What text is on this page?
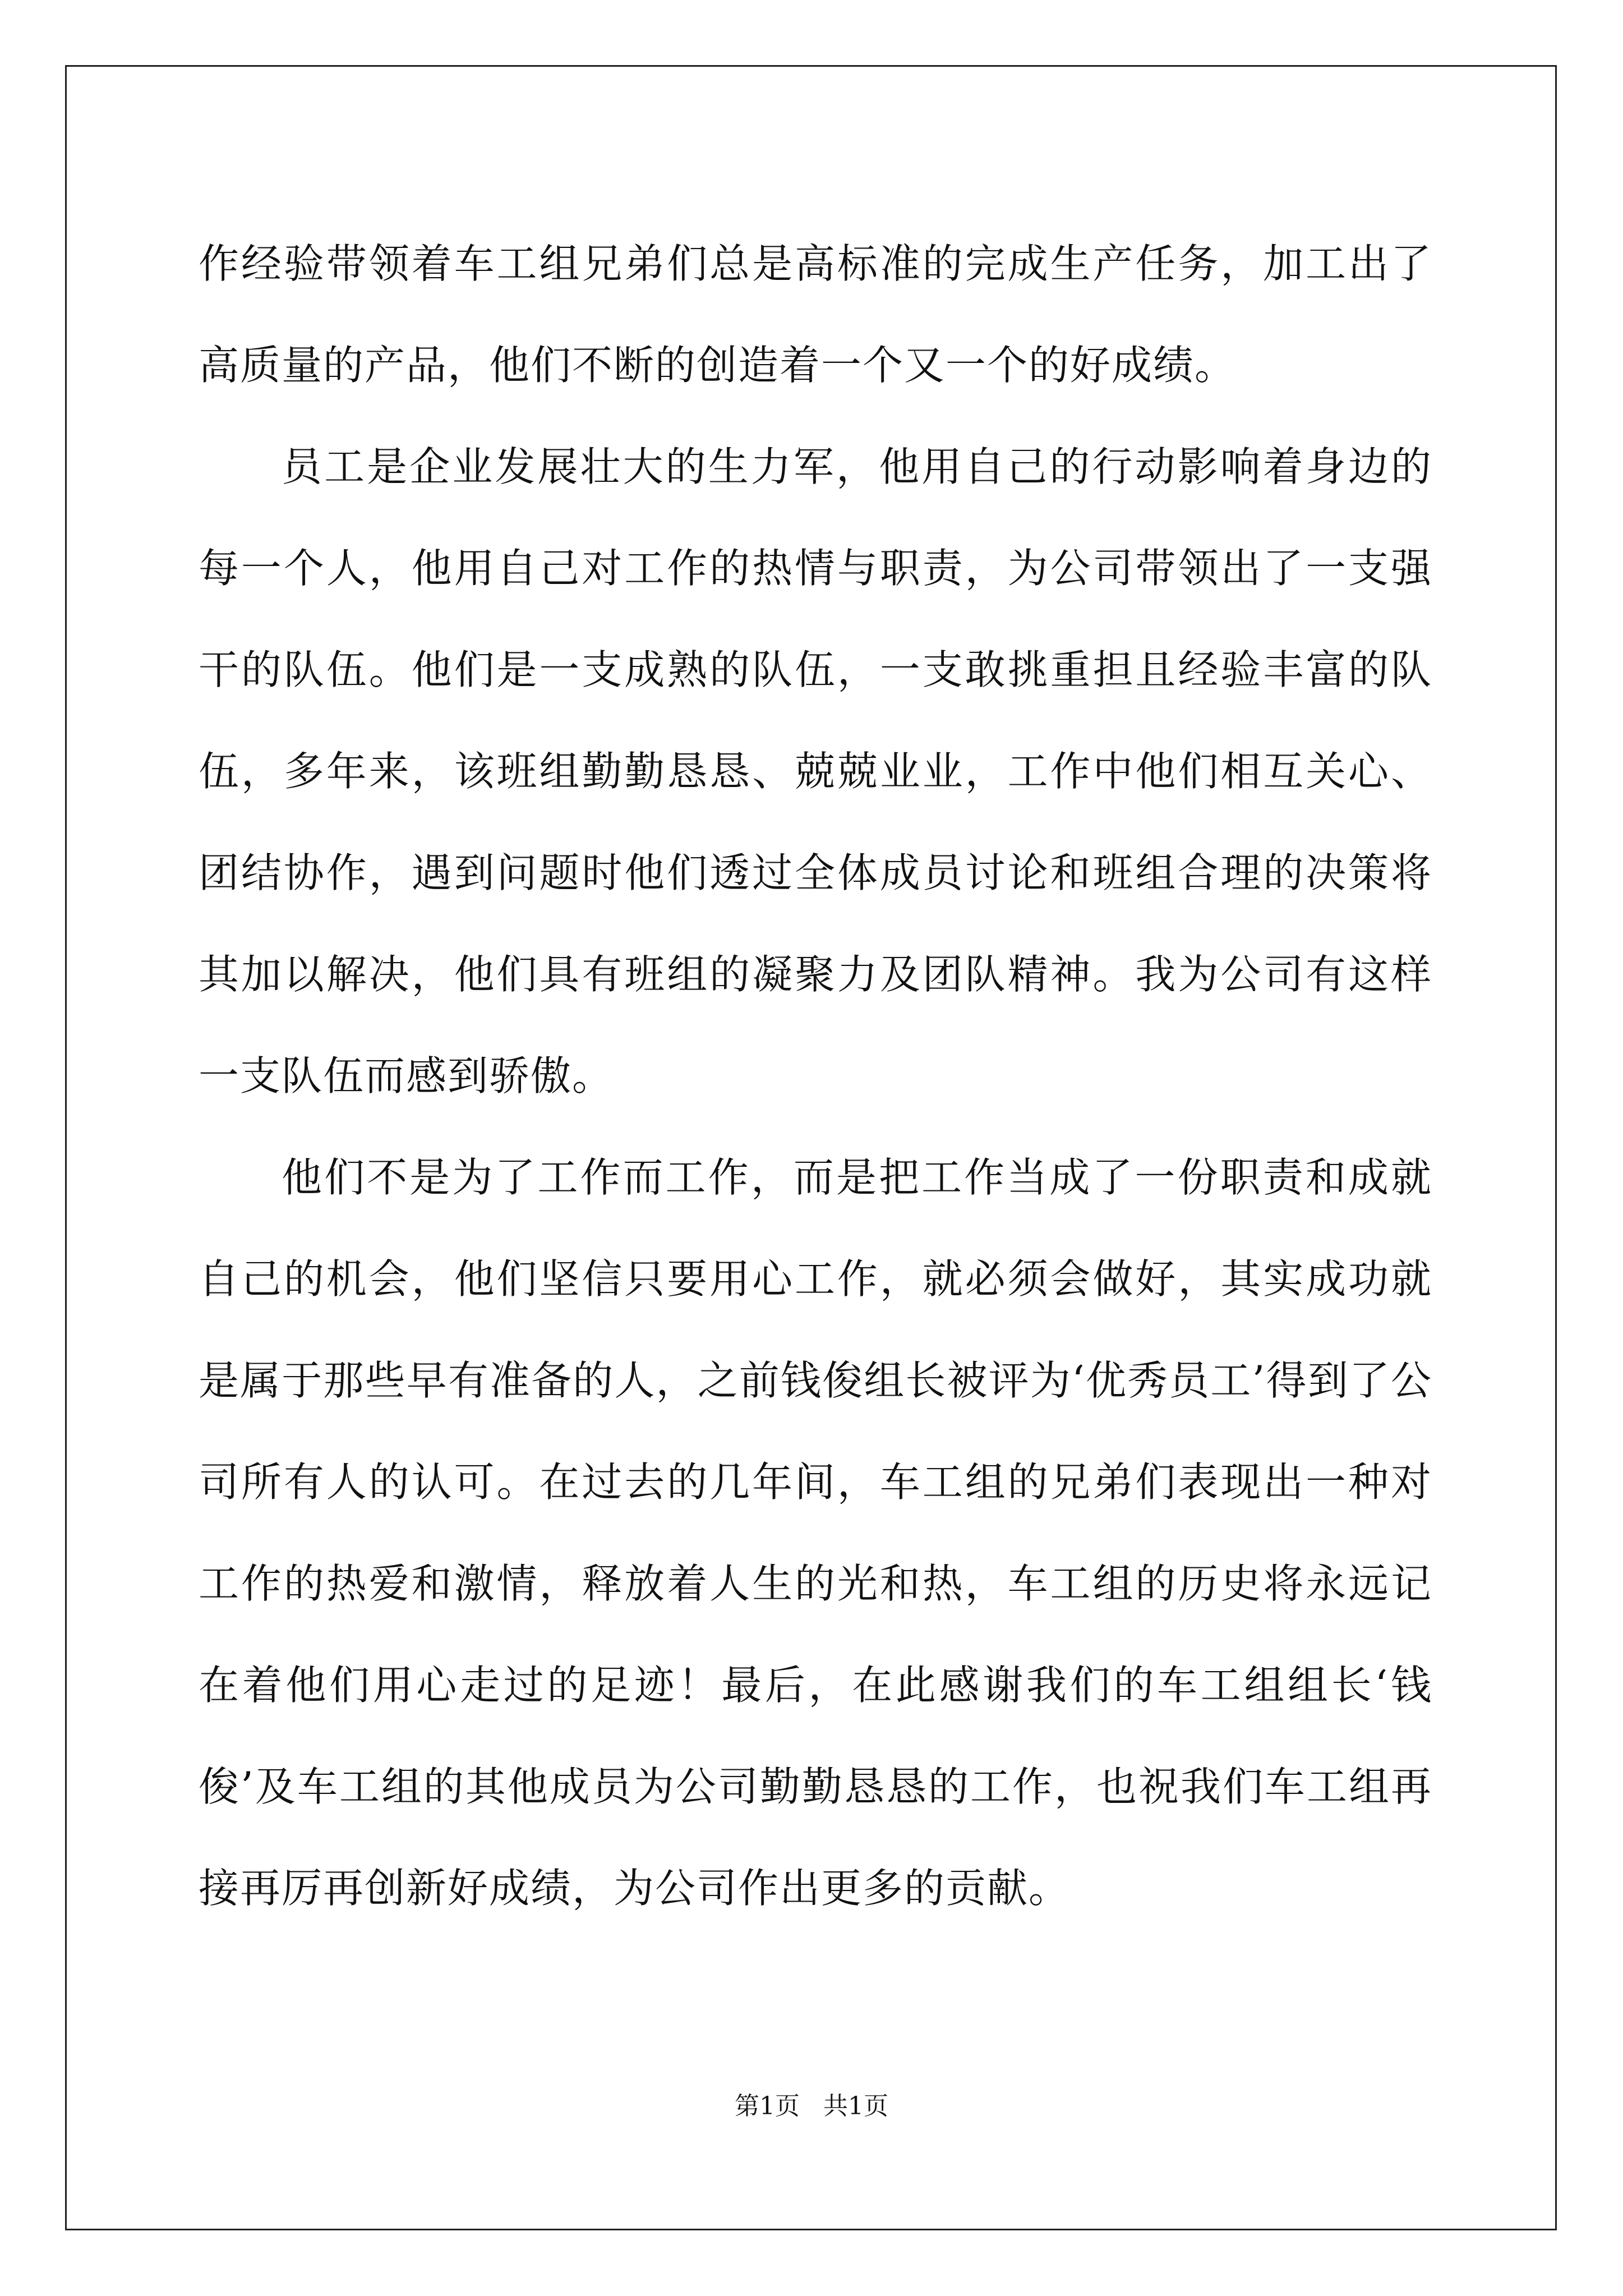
作经验带领着车工组兄弟们总是高标准的完成生产任务，加工出了高质量的产品，他们不断的创造着一个又一个的好成绩。

员工是企业发展壮大的生力军，他用自己的行动影响着身边的每一个人，他用自己对工作的热情与职责，为公司带领出了一支强干的队伍。他们是一支成熟的队伍，一支敢挑重担且经验丰富的队伍，多年来，该班组勤勤恳恳、兢兢业业，工作中他们相互关心、团结协作，遇到问题时他们透过全体成员讨论和班组合理的决策将其加以解决，他们具有班组的凝聚力及团队精神。我为公司有这样一支队伍而感到骄傲。

他们不是为了工作而工作，而是把工作当成了一份职责和成就自己的机会，他们坚信只要用心工作，就必须会做好，其实成功就是属于那些早有准备的人，之前钱俊组长被评为‘优秀员工’得到了公司所有人的认可。在过去的几年间，车工组的兄弟们表现出一种对工作的热爱和激情，释放着人生的光和热，车工组的历史将永远记在着他们用心走过的足迹！最后，在此感谢我们的车工组组长‘钱俊’及车工组的其他成员为公司勤勤恳恳的工作，也祝我们车工组再接再厉再创新好成绩，为公司作出更多的贡献。

第1页 共1页
